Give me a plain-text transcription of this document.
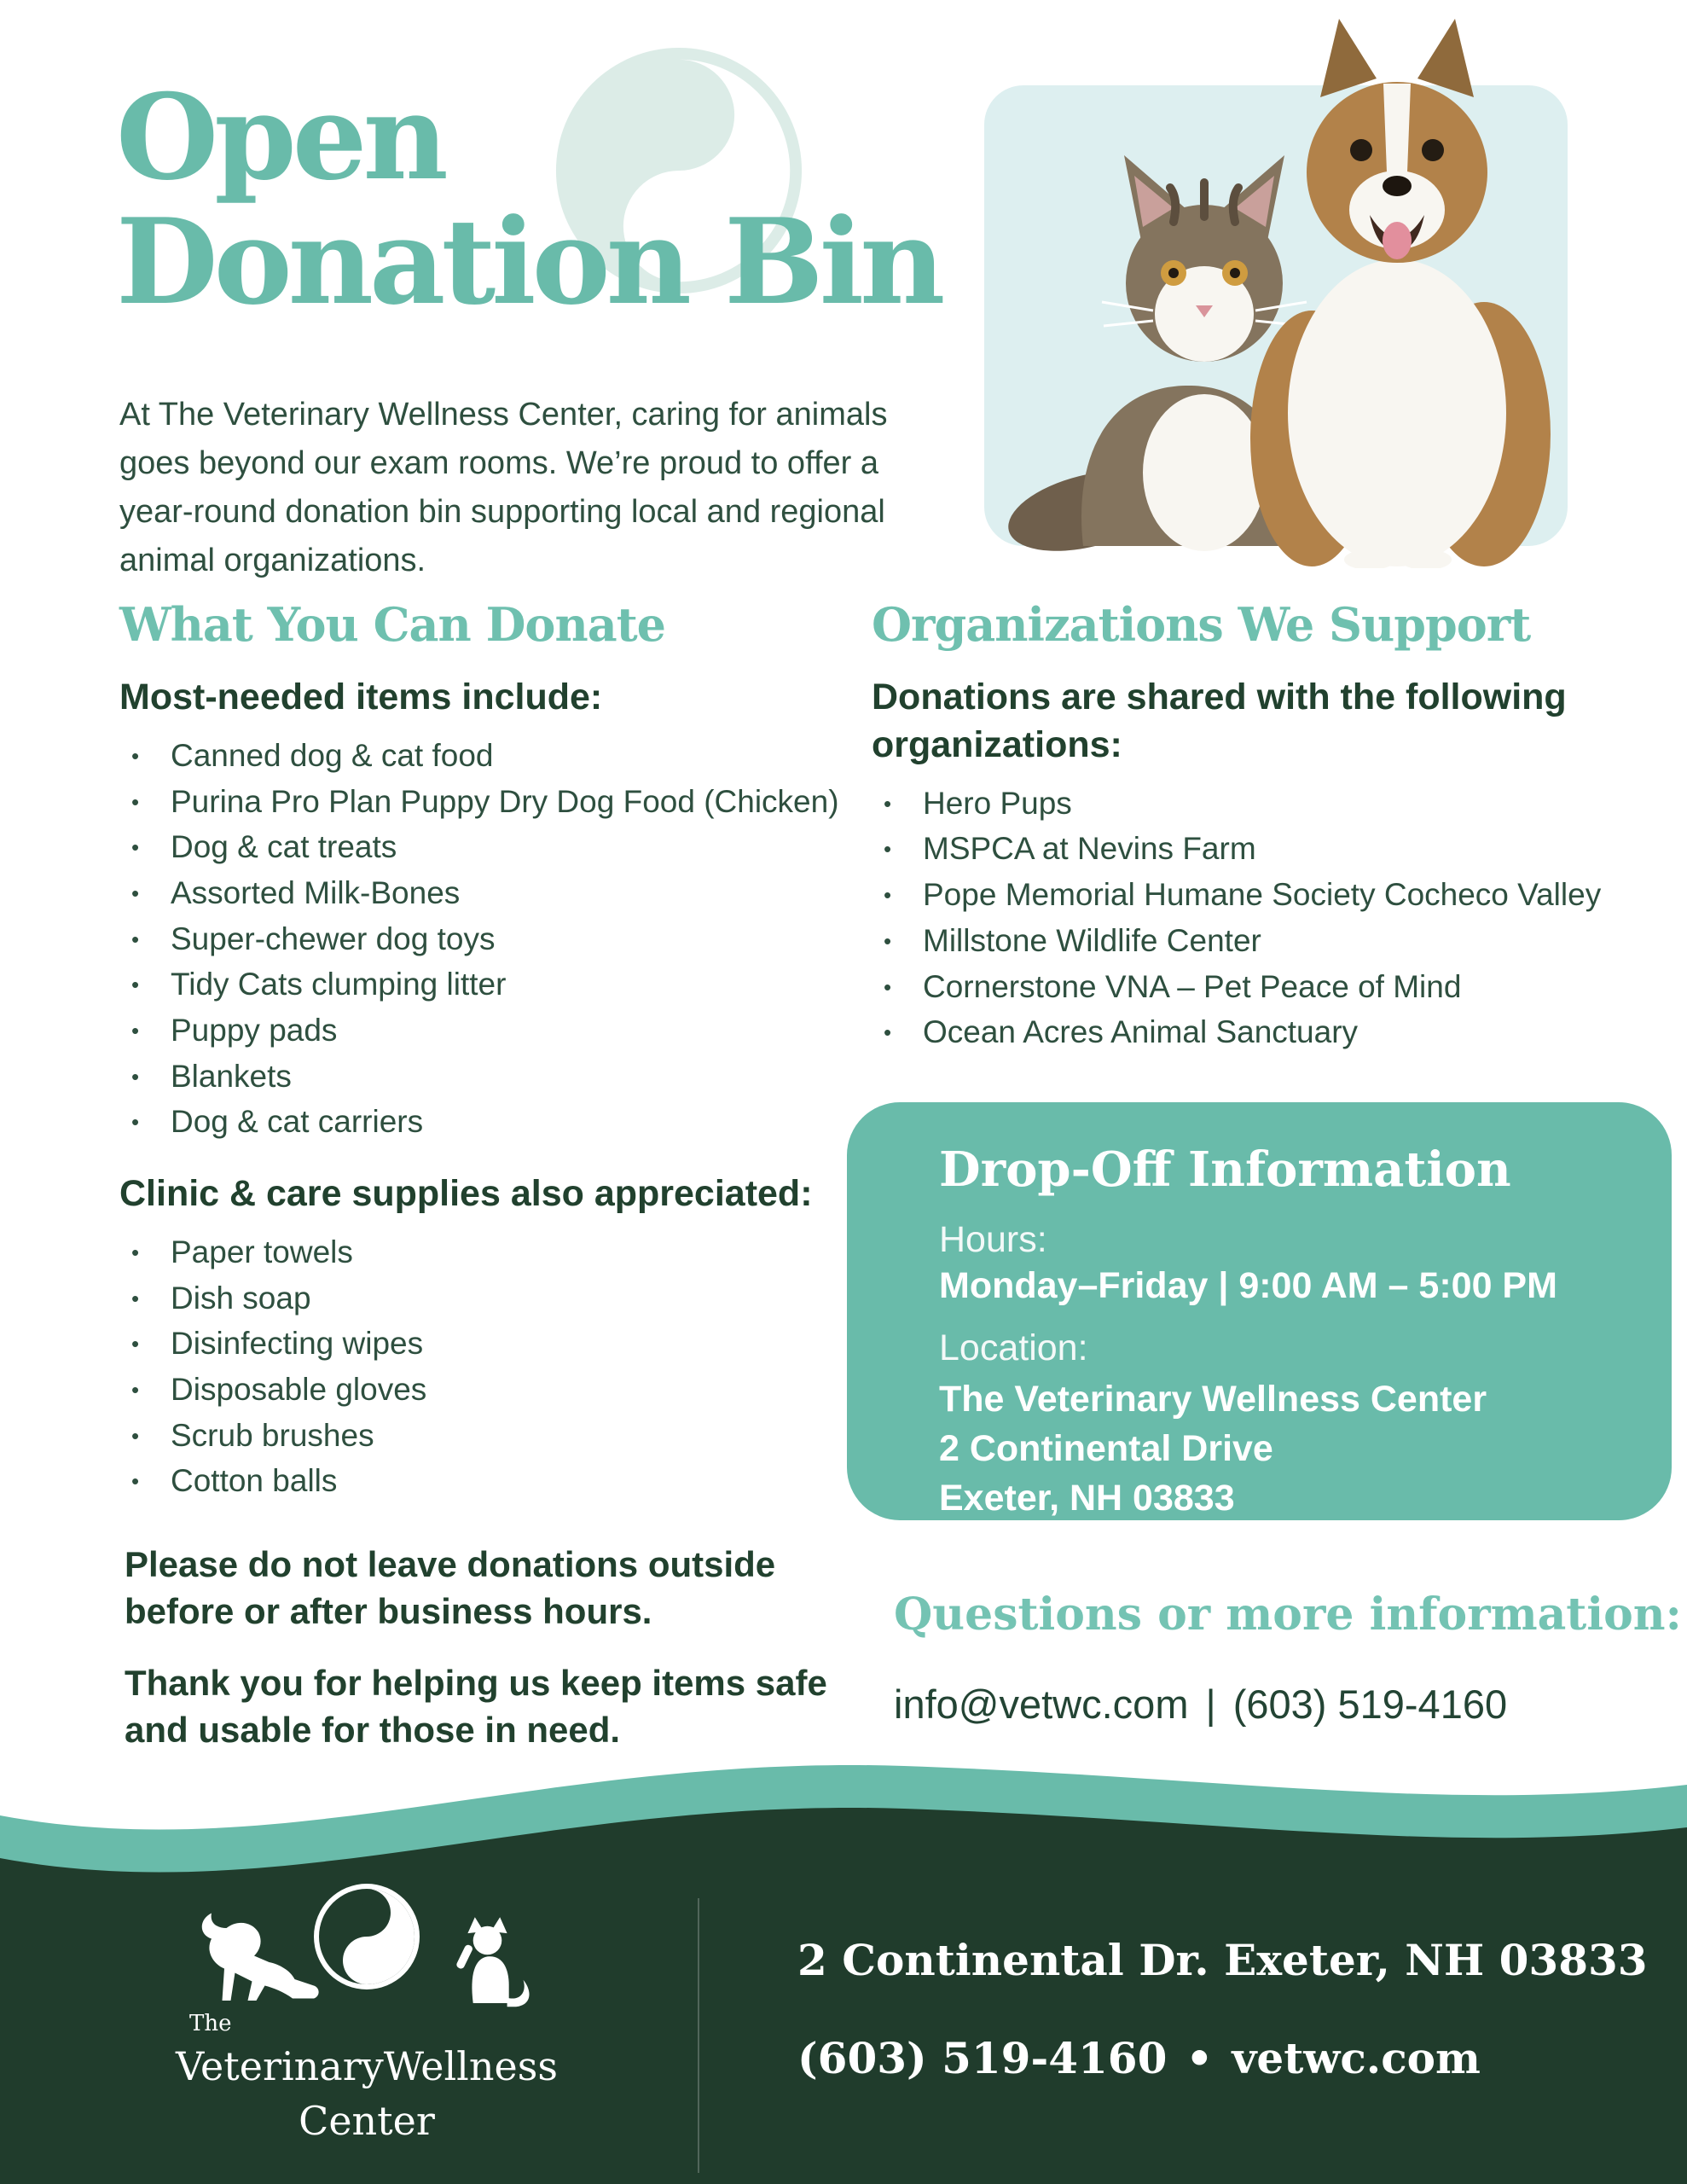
Open
Donation Bin

At The Veterinary Wellness Center, caring for animals goes beyond our exam rooms. We’re proud to offer a year-round donation bin supporting local and regional animal organizations.

What You Can Donate

Most-needed items include:

• Canned dog & cat food
• Purina Pro Plan Puppy Dry Dog Food (Chicken)
• Dog & cat treats
• Assorted Milk-Bones
• Super-chewer dog toys
• Tidy Cats clumping litter
• Puppy pads
• Blankets
• Dog & cat carriers
Clinic & care supplies also appreciated:
• Paper towels
• Dish soap
• Disinfecting wipes
• Disposable gloves
• Scrub brushes
• Cotton balls

Please do not leave donations outside before or after business hours.

Thank you for helping us keep items safe and usable for those in need.

Organizations We Support

Donations are shared with the following organizations:

• Hero Pups
• MSPCA at Nevins Farm
• Pope Memorial Humane Society Cocheco Valley
• Millstone Wildlife Center
• Cornerstone VNA – Pet Peace of Mind
• Ocean Acres Animal Sanctuary
Drop-Off Information

Hours:

Monday–Friday | 9:00 AM – 5:00 PM

Location:

The Veterinary Wellness Center
2 Continental Drive
Exeter, NH 03833
Questions or more information:

info@vetwc.com | (603) 519-4160

The
Veterinary Wellness
Center
2 Continental Dr. Exeter, NH 03833
(603) 519-4160 • vetwc.com
